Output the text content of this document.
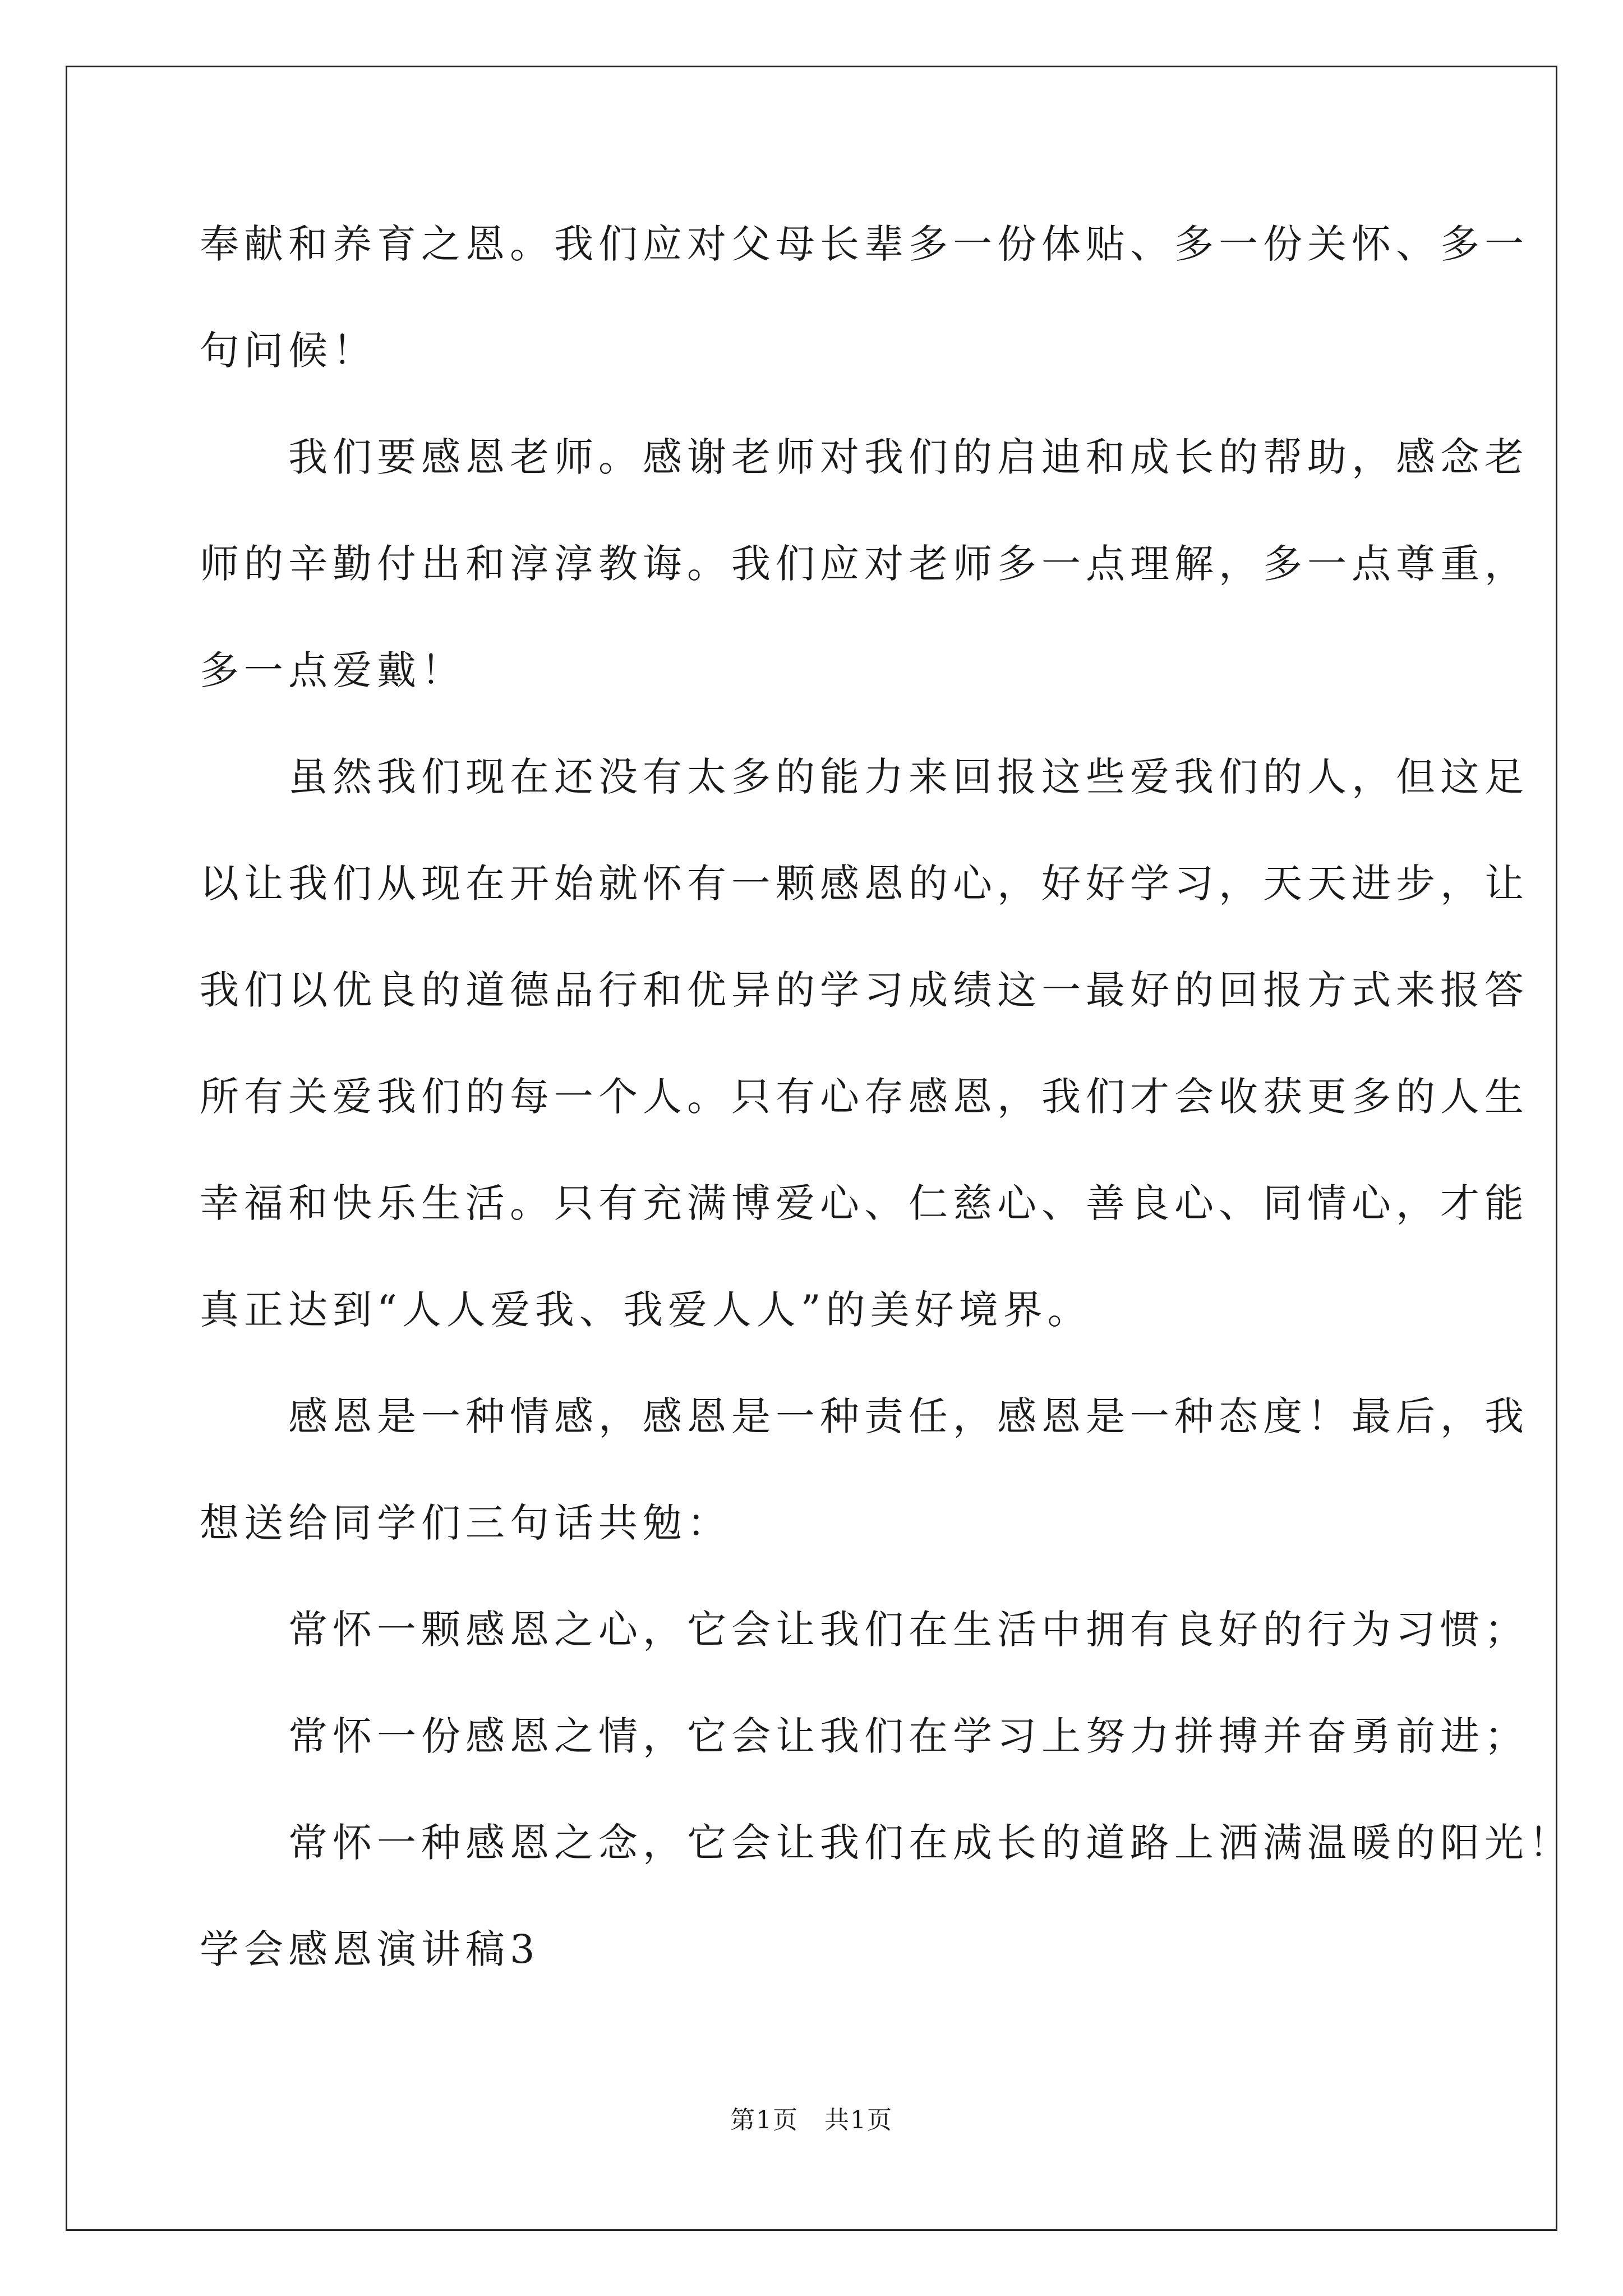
奉献和养育之恩。我们应对父母长辈多一份体贴、多一份关怀、多一
句问候！
　　我们要感恩老师。感谢老师对我们的启迪和成长的帮助，感念老
师的辛勤付出和淳淳教诲。我们应对老师多一点理解，多一点尊重，
多一点爱戴！
　　虽然我们现在还没有太多的能力来回报这些爱我们的人，但这足
以让我们从现在开始就怀有一颗感恩的心，好好学习，天天进步，让
我们以优良的道德品行和优异的学习成绩这一最好的回报方式来报答
所有关爱我们的每一个人。只有心存感恩，我们才会收获更多的人生
幸福和快乐生活。只有充满博爱心、仁慈心、善良心、同情心，才能
真正达到“人人爱我、我爱人人”的美好境界。
　　感恩是一种情感，感恩是一种责任，感恩是一种态度！最后，我
想送给同学们三句话共勉：
　　常怀一颗感恩之心，它会让我们在生活中拥有良好的行为习惯；
　　常怀一份感恩之情，它会让我们在学习上努力拼搏并奋勇前进；
　　常怀一种感恩之念，它会让我们在成长的道路上洒满温暖的阳光！
学会感恩演讲稿3
第1页　共1页
